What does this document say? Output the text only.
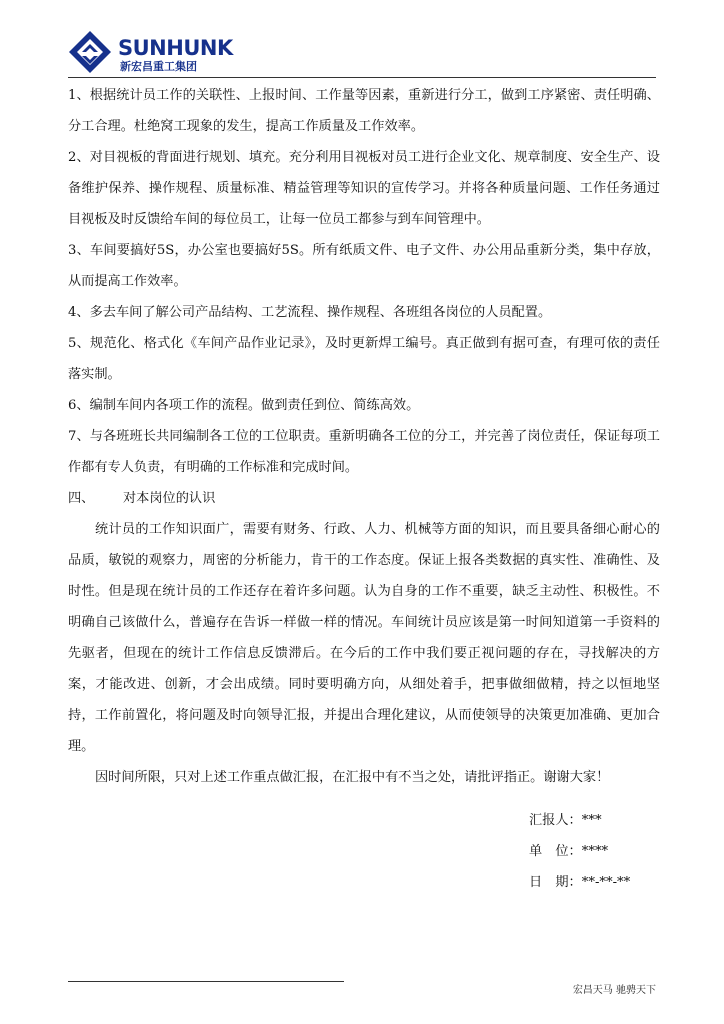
SUNHUNK
新宏昌重工集团

1、根据统计员工作的关联性、上报时间、工作量等因素，重新进行分工，做到工序紧密、责任明确、分工合理。杜绝窝工现象的发生，提高工作质量及工作效率。

2、对目视板的背面进行规划、填充。充分利用目视板对员工进行企业文化、规章制度、安全生产、设备维护保养、操作规程、质量标准、精益管理等知识的宣传学习。并将各种质量问题、工作任务通过目视板及时反馈给车间的每位员工，让每一位员工都参与到车间管理中。

3、车间要搞好5S，办公室也要搞好5S。所有纸质文件、电子文件、办公用品重新分类，集中存放，从而提高工作效率。

4、多去车间了解公司产品结构、工艺流程、操作规程、各班组各岗位的人员配置。

5、规范化、格式化《车间产品作业记录》，及时更新焊工编号。真正做到有据可查，有理可依的责任落实制。

6、编制车间内各项工作的流程。做到责任到位、简练高效。

7、与各班班长共同编制各工位的工位职责。重新明确各工位的分工，并完善了岗位责任，保证每项工作都有专人负责，有明确的工作标准和完成时间。

四、 对本岗位的认识

统计员的工作知识面广，需要有财务、行政、人力、机械等方面的知识，而且要具备细心耐心的品质，敏锐的观察力，周密的分析能力，肯干的工作态度。保证上报各类数据的真实性、准确性、及时性。但是现在统计员的工作还存在着许多问题。认为自身的工作不重要，缺乏主动性、积极性。不明确自己该做什么，普遍存在告诉一样做一样的情况。车间统计员应该是第一时间知道第一手资料的先驱者，但现在的统计工作信息反馈滞后。在今后的工作中我们要正视问题的存在，寻找解决的方案，才能改进、创新，才会出成绩。同时要明确方向，从细处着手，把事做细做精，持之以恒地坚持，工作前置化，将问题及时向领导汇报，并提出合理化建议，从而使领导的决策更加准确、更加合理。

因时间所限，只对上述工作重点做汇报，在汇报中有不当之处，请批评指正。谢谢大家！

汇报人：***
单　位：****
日　期：**-**-**
宏昌天马 驰骋天下
